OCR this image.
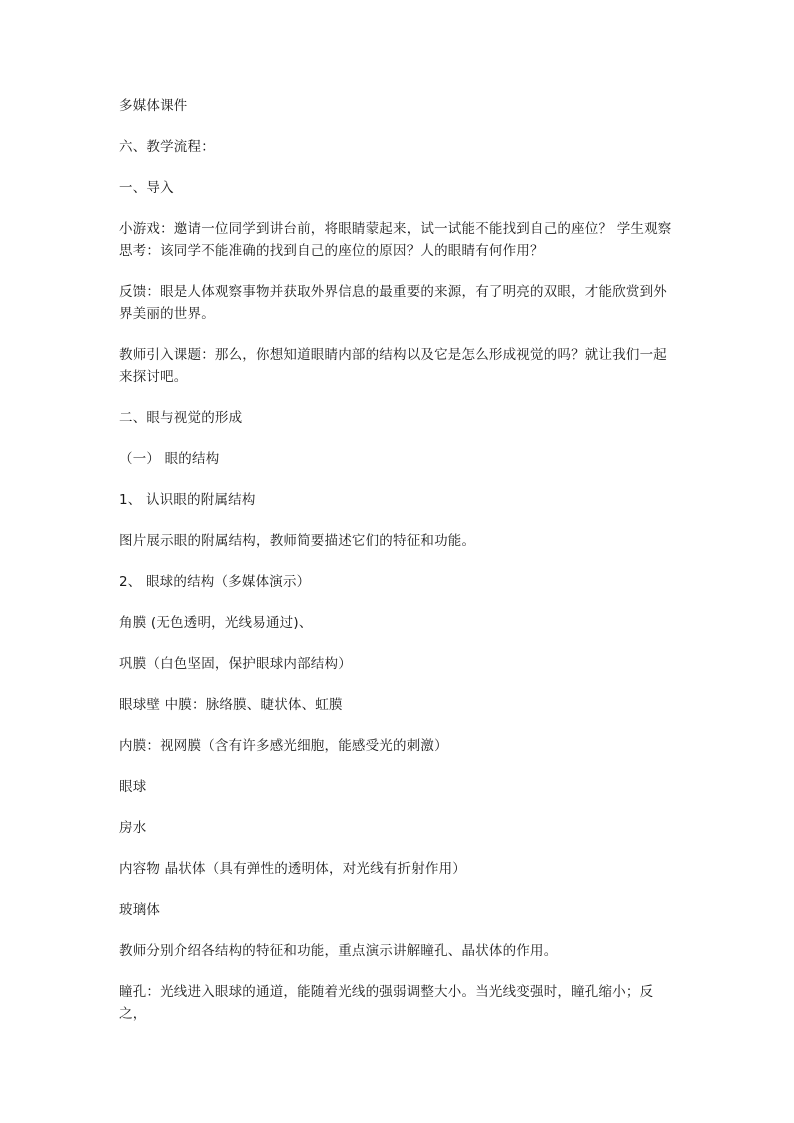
多媒体课件

六、教学流程：

一、导入

小游戏：邀请一位同学到讲台前，将眼睛蒙起来，试一试能不能找到自己的座位？ 学生观察思考：该同学不能准确的找到自己的座位的原因？人的眼睛有何作用？

反馈：眼是人体观察事物并获取外界信息的最重要的来源，有了明亮的双眼，才能欣赏到外界美丽的世界。

教师引入课题：那么，你想知道眼睛内部的结构以及它是怎么形成视觉的吗？就让我们一起来探讨吧。

二、眼与视觉的形成

（一） 眼的结构

1、 认识眼的附属结构

图片展示眼的附属结构，教师简要描述它们的特征和功能。

2、 眼球的结构（多媒体演示）

角膜 (无色透明，光线易通过)、

巩膜（白色坚固，保护眼球内部结构）

眼球壁 中膜：脉络膜、睫状体、虹膜

内膜：视网膜（含有许多感光细胞，能感受光的刺激）

眼球

房水

内容物 晶状体（具有弹性的透明体，对光线有折射作用）

玻璃体

教师分别介绍各结构的特征和功能，重点演示讲解瞳孔、晶状体的作用。

瞳孔：光线进入眼球的通道，能随着光线的强弱调整大小。当光线变强时，瞳孔缩小；反之，
